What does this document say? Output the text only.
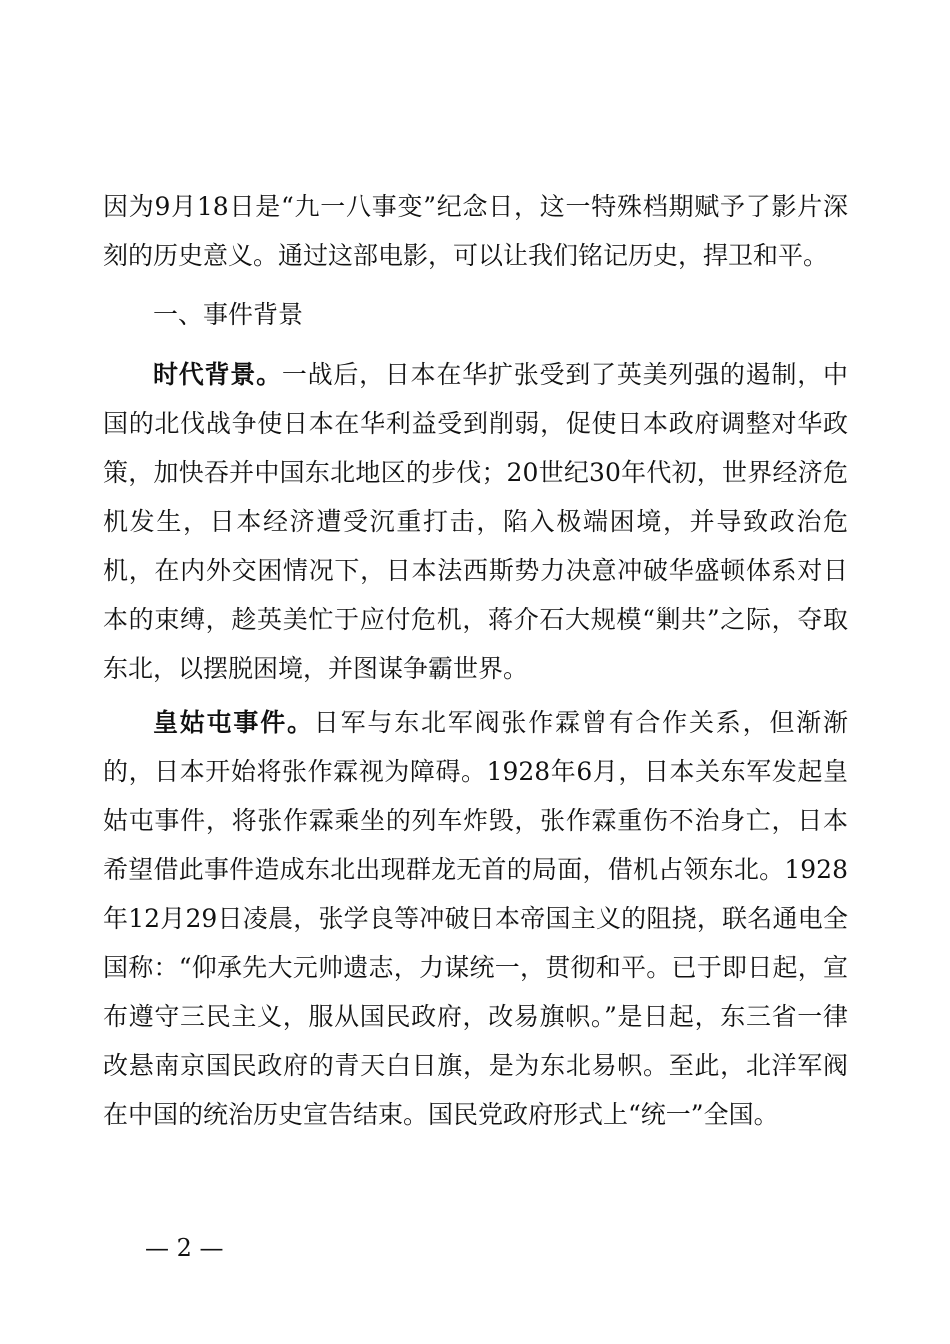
因为9月18日是“九一八事变”纪念日，这一特殊档期赋予了影片深刻的历史意义。通过这部电影，可以让我们铭记历史，捍卫和平。

一、事件背景

时代背景。一战后，日本在华扩张受到了英美列强的遏制，中国的北伐战争使日本在华利益受到削弱，促使日本政府调整对华政策，加快吞并中国东北地区的步伐；20世纪30年代初，世界经济危机发生，日本经济遭受沉重打击，陷入极端困境，并导致政治危机，在内外交困情况下，日本法西斯势力决意冲破华盛顿体系对日本的束缚，趁英美忙于应付危机，蒋介石大规模“剿共”之际，夺取东北，以摆脱困境，并图谋争霸世界。

皇姑屯事件。日军与东北军阀张作霖曾有合作关系，但渐渐的，日本开始将张作霖视为障碍。1928年6月，日本关东军发起皇姑屯事件，将张作霖乘坐的列车炸毁，张作霖重伤不治身亡，日本希望借此事件造成东北出现群龙无首的局面，借机占领东北。1928年12月29日凌晨，张学良等冲破日本帝国主义的阻挠，联名通电全国称：“仰承先大元帅遗志，力谋统一，贯彻和平。已于即日起，宣布遵守三民主义，服从国民政府，改易旗帜。”是日起，东三省一律改悬南京国民政府的青天白日旗，是为东北易帜。至此，北洋军阀在中国的统治历史宣告结束。国民党政府形式上“统一”全国。

— 2 —
